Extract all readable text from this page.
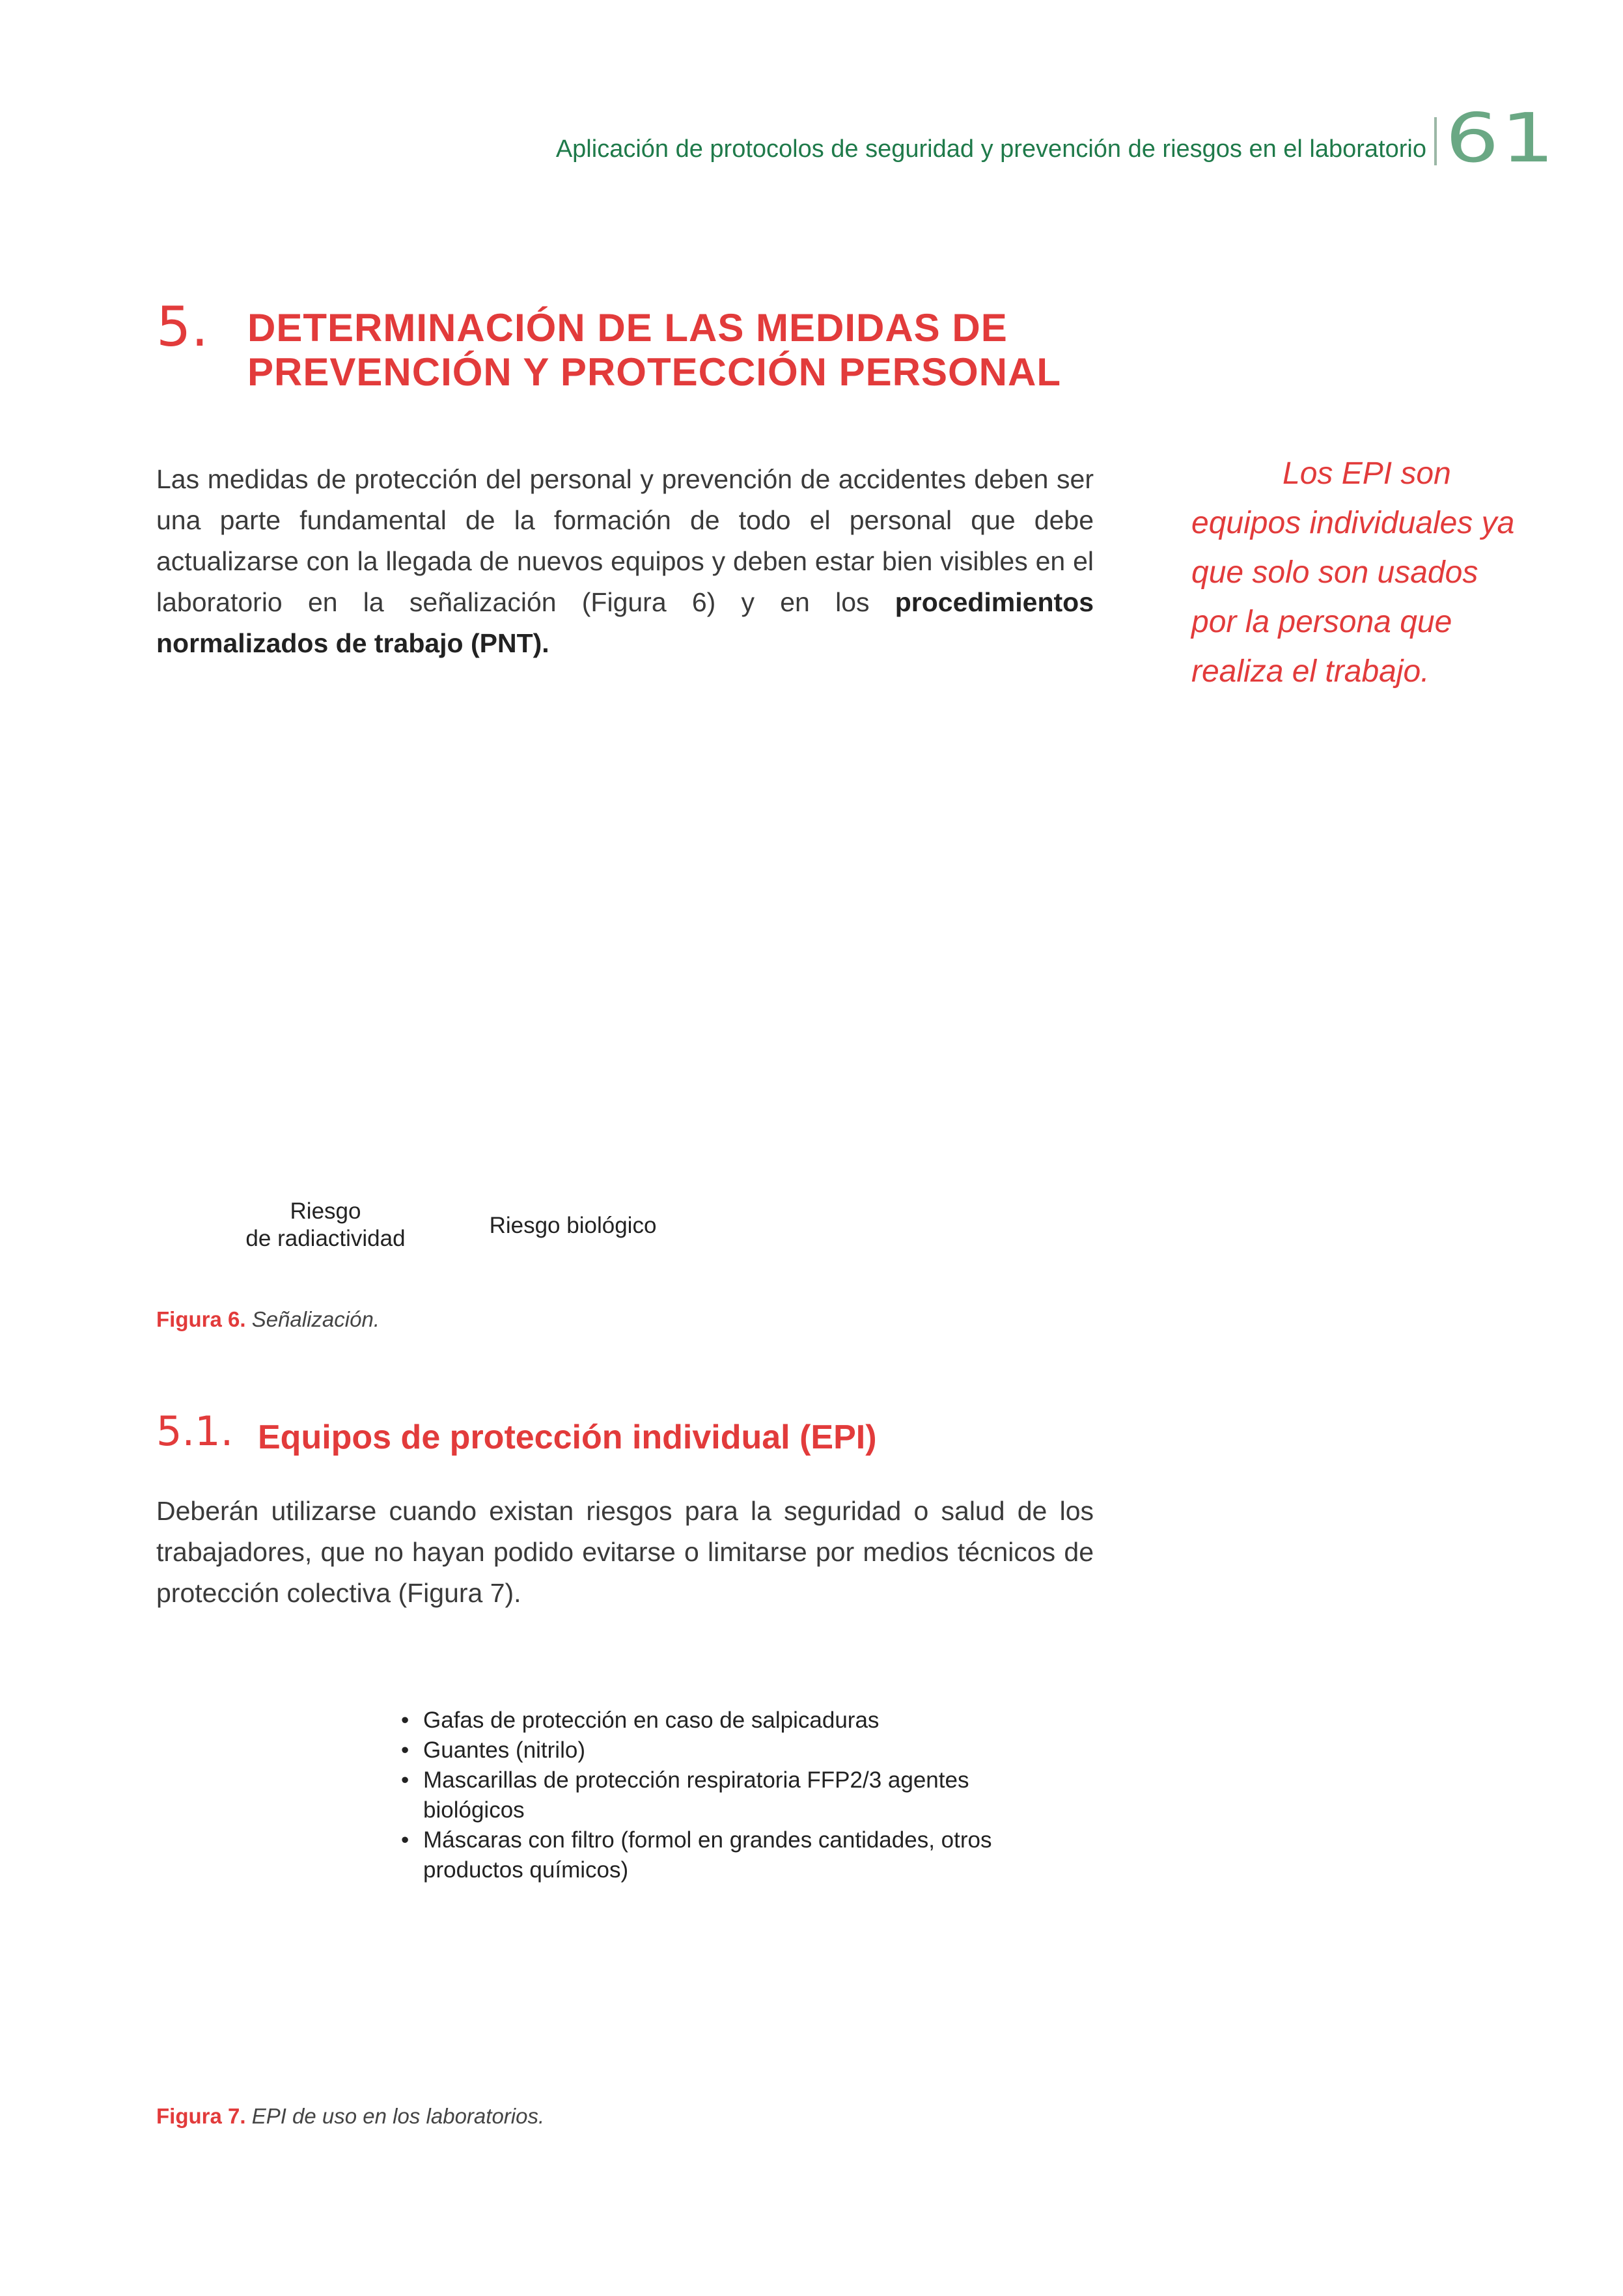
Aplicación de protocolos de seguridad y prevención de riesgos en el laboratorio 61
5. DETERMINACIÓN DE LAS MEDIDAS DE PREVENCIÓN Y PROTECCIÓN PERSONAL
Las medidas de protección del personal y prevención de accidentes deben ser una parte fundamental de la formación de todo el personal que debe actualizarse con la llegada de nuevos equipos y deben estar bien visibles en el laboratorio en la señalización (Figura 6) y en los procedimientos normalizados de trabajo (PNT).
Los EPI son
equipos individuales ya que solo son usados por la persona que realiza el trabajo.
Riesgo
de radiactividad
Riesgo biológico
Figura 6. Señalización.
5.1. Equipos de protección individual (EPI)
Deberán utilizarse cuando existan riesgos para la seguridad o salud de los trabajadores, que no hayan podido evitarse o limitarse por medios técnicos de protección colectiva (Figura 7).
• Gafas de protección en caso de salpicaduras
• Guantes (nitrilo)
• Mascarillas de protección respiratoria FFP2/3 agentes biológicos
• Máscaras con filtro (formol en grandes cantidades, otros productos químicos)
Figura 7. EPI de uso en los laboratorios.
